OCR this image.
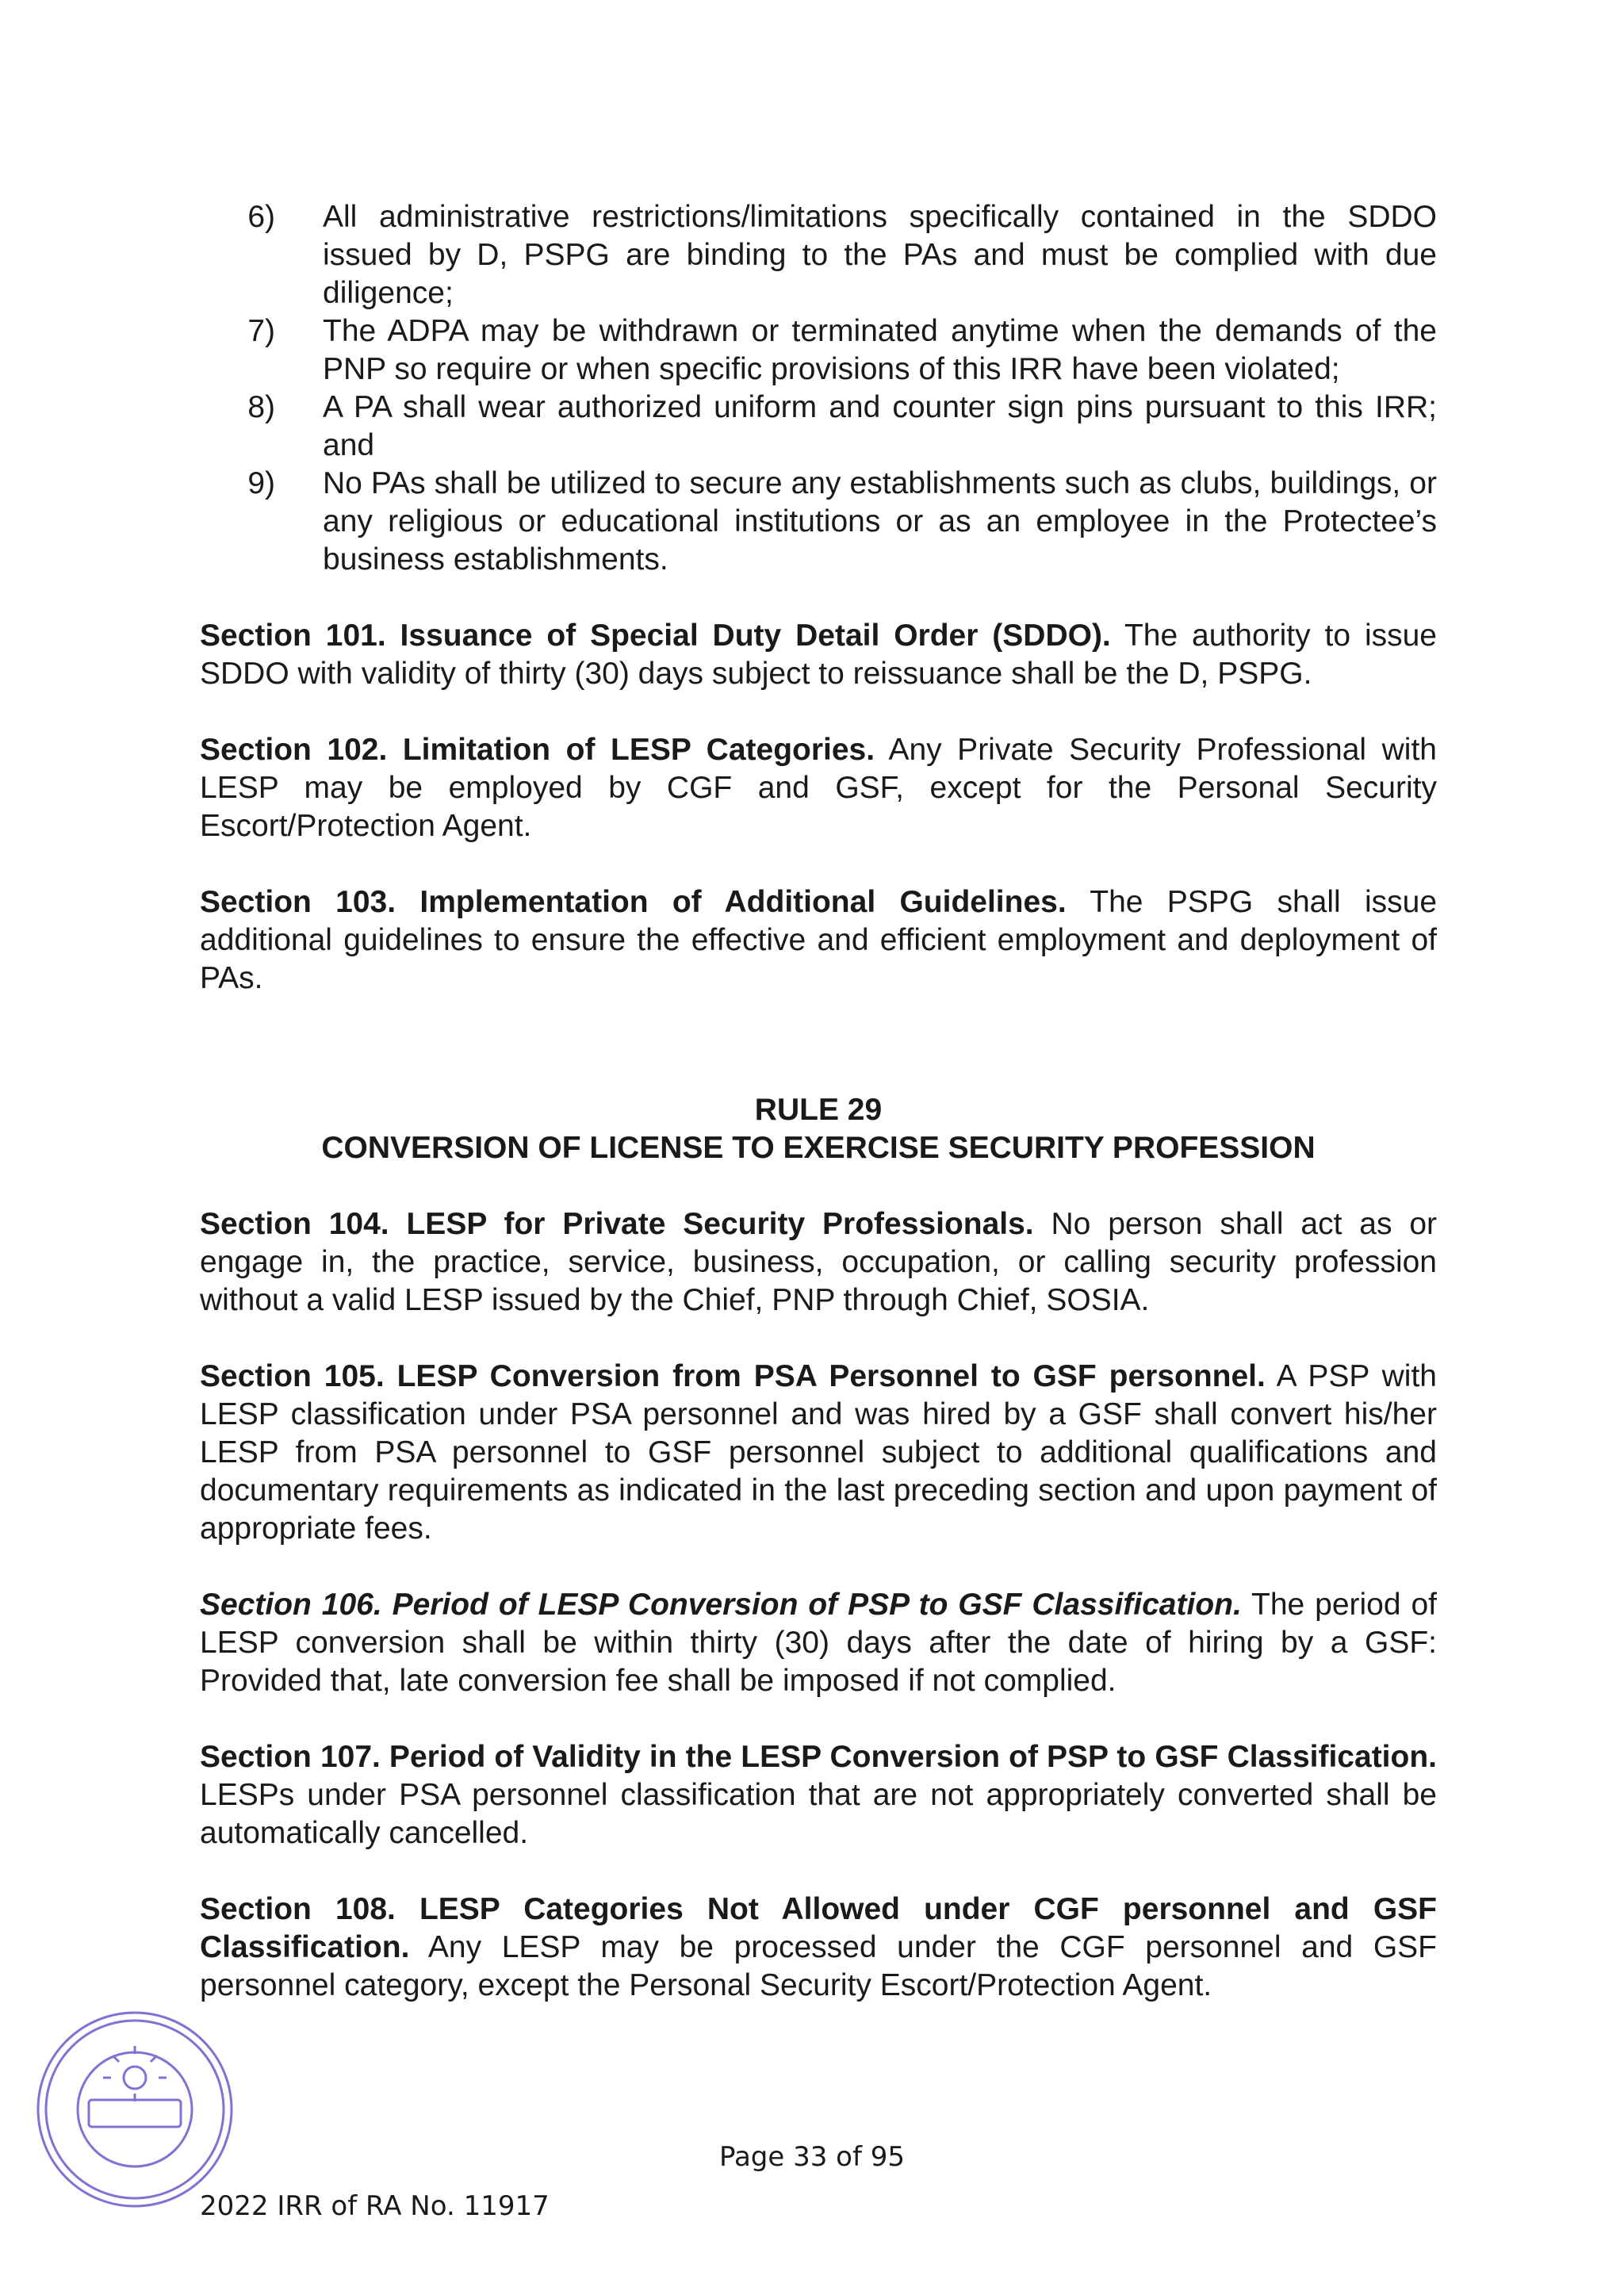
6) All administrative restrictions/limitations specifically contained in the SDDO issued by D, PSPG are binding to the PAs and must be complied with due diligence;
7) The ADPA may be withdrawn or terminated anytime when the demands of the PNP so require or when specific provisions of this IRR have been violated;
8) A PA shall wear authorized uniform and counter sign pins pursuant to this IRR; and
9) No PAs shall be utilized to secure any establishments such as clubs, buildings, or any religious or educational institutions or as an employee in the Protectee’s business establishments.

Section 101. Issuance of Special Duty Detail Order (SDDO). The authority to issue SDDO with validity of thirty (30) days subject to reissuance shall be the D, PSPG.

Section 102. Limitation of LESP Categories. Any Private Security Professional with LESP may be employed by CGF and GSF, except for the Personal Security Escort/Protection Agent.

Section 103. Implementation of Additional Guidelines. The PSPG shall issue additional guidelines to ensure the effective and efficient employment and deployment of PAs.

RULE 29
CONVERSION OF LICENSE TO EXERCISE SECURITY PROFESSION

Section 104. LESP for Private Security Professionals. No person shall act as or engage in, the practice, service, business, occupation, or calling security profession without a valid LESP issued by the Chief, PNP through Chief, SOSIA.

Section 105. LESP Conversion from PSA Personnel to GSF personnel. A PSP with LESP classification under PSA personnel and was hired by a GSF shall convert his/her LESP from PSA personnel to GSF personnel subject to additional qualifications and documentary requirements as indicated in the last preceding section and upon payment of appropriate fees.

Section 106. Period of LESP Conversion of PSP to GSF Classification. The period of LESP conversion shall be within thirty (30) days after the date of hiring by a GSF: Provided that, late conversion fee shall be imposed if not complied.

Section 107. Period of Validity in the LESP Conversion of PSP to GSF Classification. LESPs under PSA personnel classification that are not appropriately converted shall be automatically cancelled.

Section 108. LESP Categories Not Allowed under CGF personnel and GSF Classification. Any LESP may be processed under the CGF personnel and GSF personnel category, except the Personal Security Escort/Protection Agent.

Page 33 of 95
2022 IRR of RA No. 11917
